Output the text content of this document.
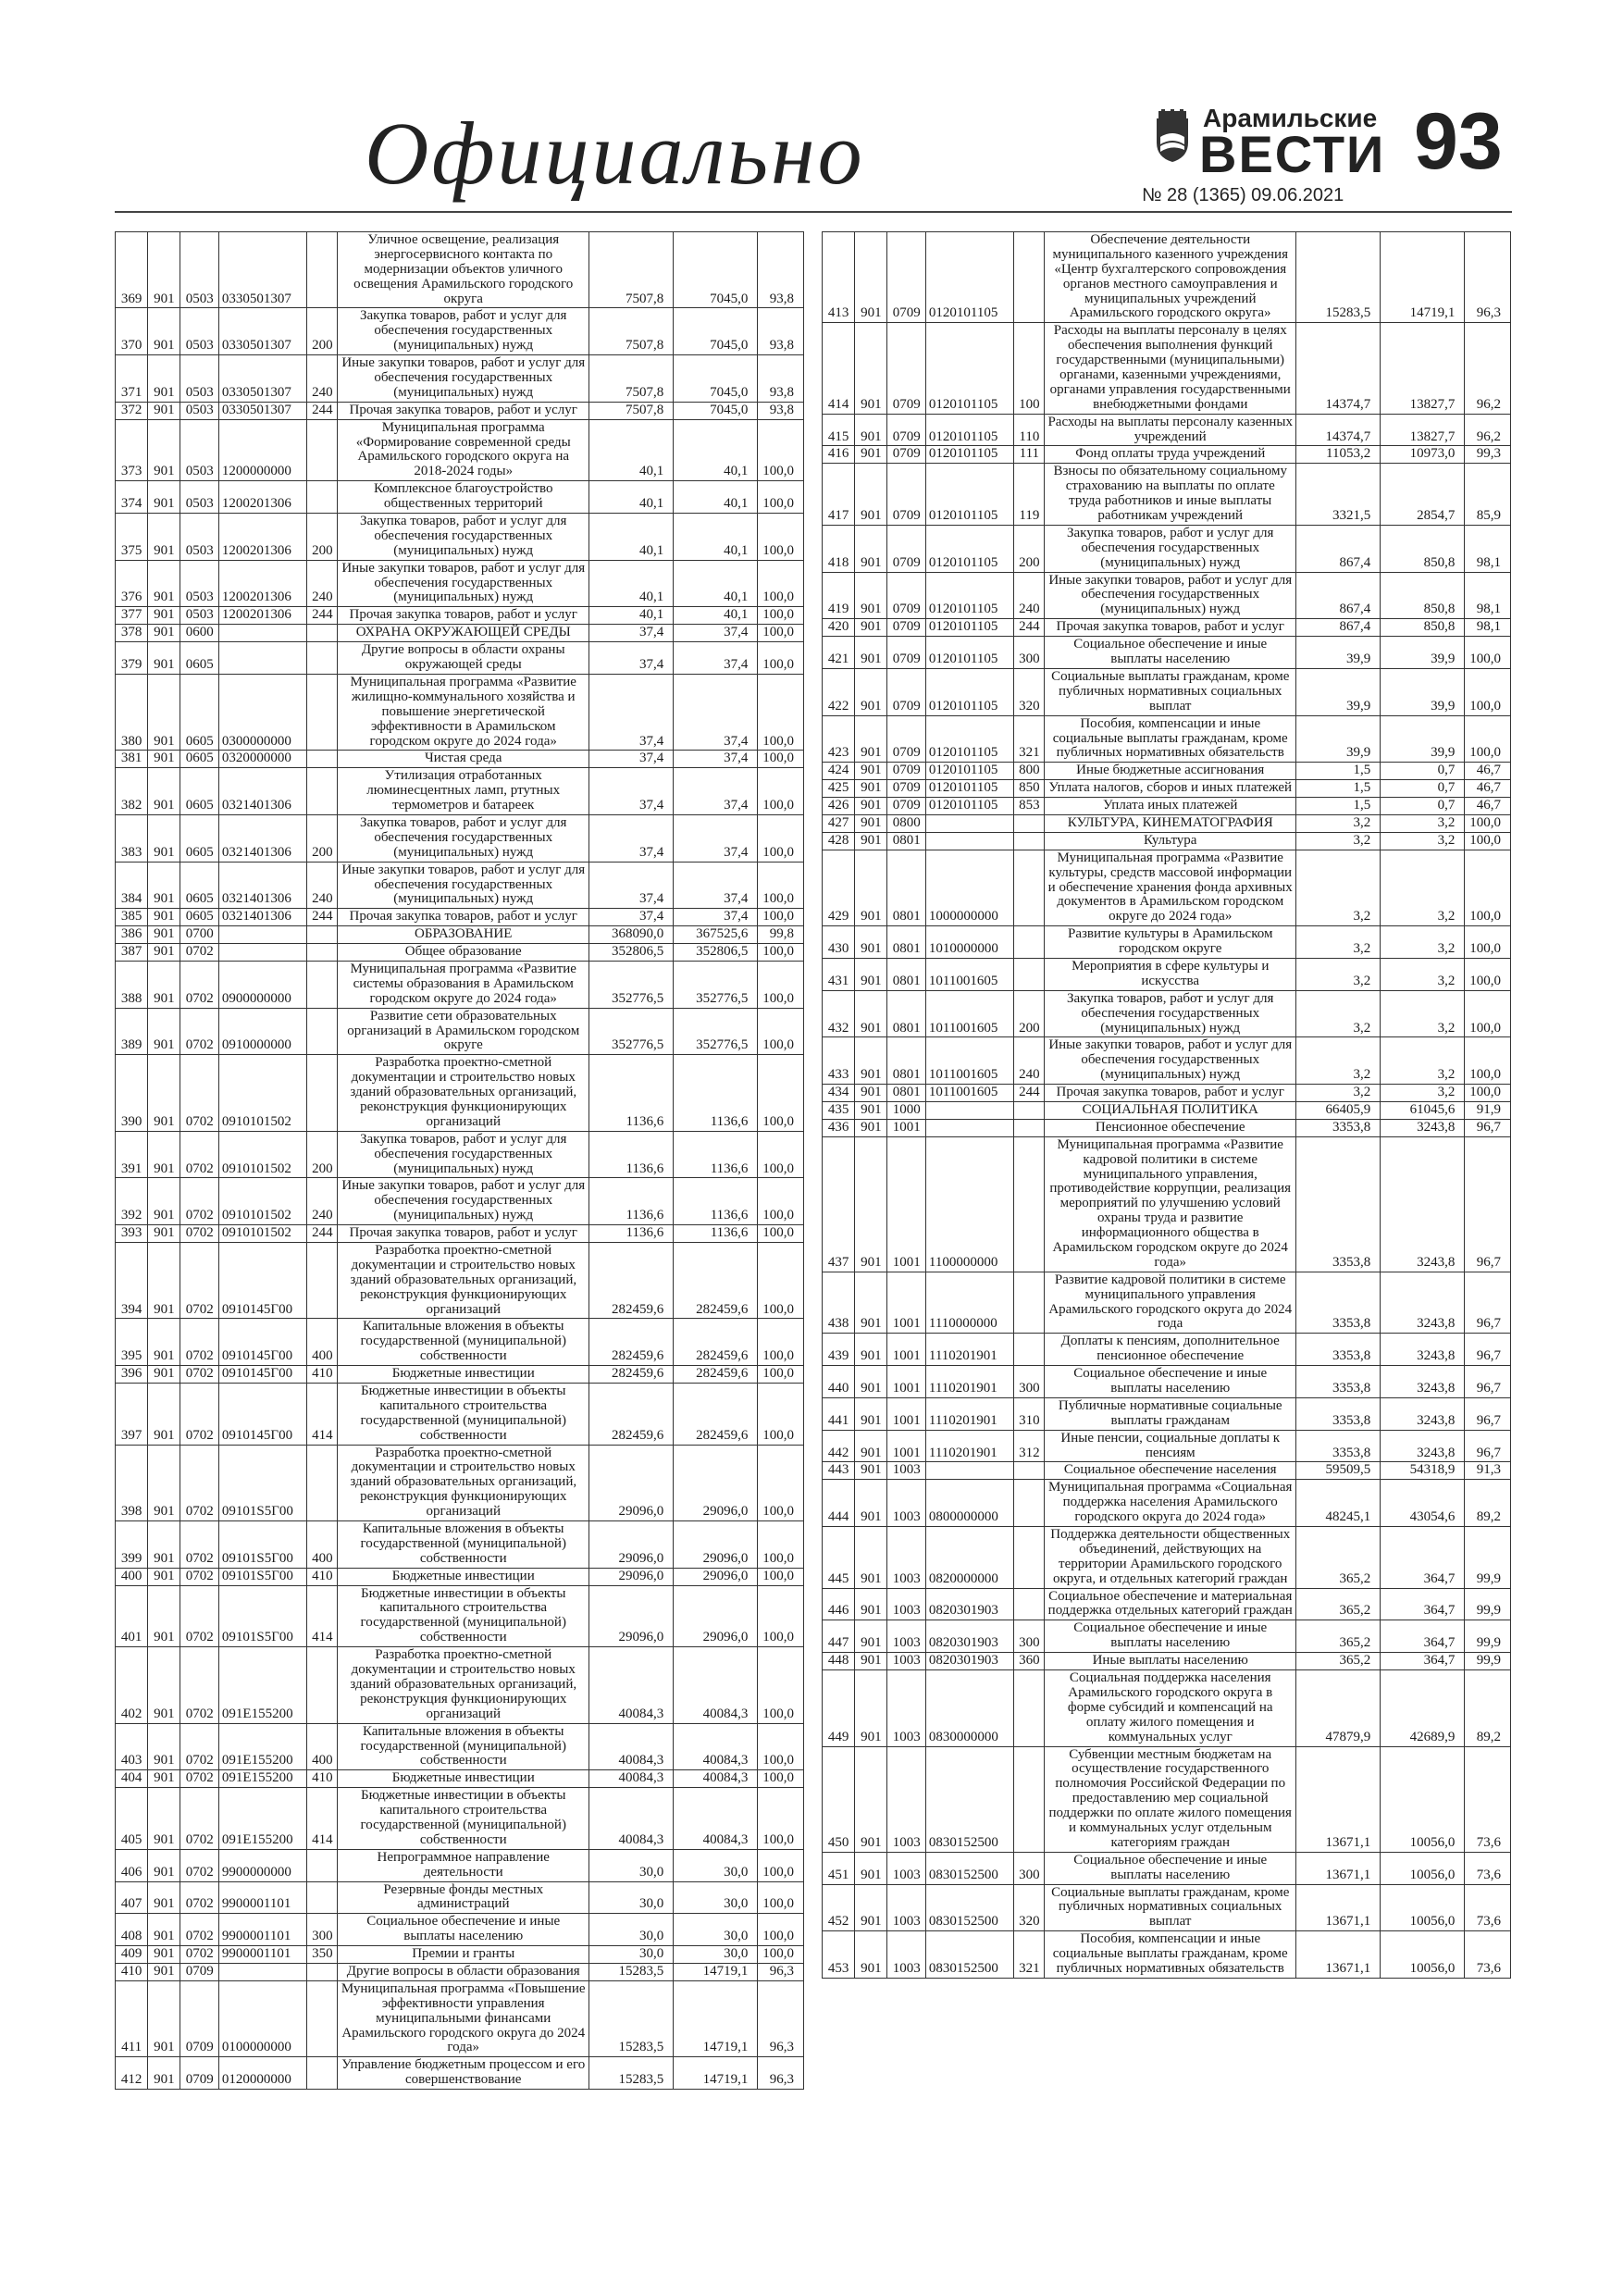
Официально	Арамильские
ВЕСТИ
№ 28 (1365) 09.06.2021
93
369	901	0503	0330501307		Уличное освещение, реализация энергосервисного контакта по модернизации объектов уличного освещения Арамильского городского округа	7507,8	7045,0	93,8
370	901	0503	0330501307	200	Закупка товаров, работ и услуг для обеспечения государственных (муниципальных) нужд	7507,8	7045,0	93,8
371	901	0503	0330501307	240	Иные закупки товаров, работ и услуг для обеспечения государственных (муниципальных) нужд	7507,8	7045,0	93,8
372	901	0503	0330501307	244	Прочая закупка товаров, работ и услуг	7507,8	7045,0	93,8
373	901	0503	1200000000		Муниципальная программа «Формирование современной среды Арамильского городского округа на 2018-2024 годы»	40,1	40,1	100,0
374	901	0503	1200201306		Комплексное благоустройство общественных территорий	40,1	40,1	100,0
375	901	0503	1200201306	200	Закупка товаров, работ и услуг для обеспечения государственных (муниципальных) нужд	40,1	40,1	100,0
376	901	0503	1200201306	240	Иные закупки товаров, работ и услуг для обеспечения государственных (муниципальных) нужд	40,1	40,1	100,0
377	901	0503	1200201306	244	Прочая закупка товаров, работ и услуг	40,1	40,1	100,0
378	901	0600			ОХРАНА ОКРУЖАЮЩЕЙ СРЕДЫ	37,4	37,4	100,0
379	901	0605			Другие вопросы в области охраны окружающей среды	37,4	37,4	100,0
380	901	0605	0300000000		Муниципальная программа «Развитие жилищно-коммунального хозяйства и повышение энергетической эффективности в Арамильском городском округе до 2024 года»	37,4	37,4	100,0
381	901	0605	0320000000		Чистая среда	37,4	37,4	100,0
382	901	0605	0321401306		Утилизация отработанных люминесцентных ламп, ртутных термометров и батареек	37,4	37,4	100,0
383	901	0605	0321401306	200	Закупка товаров, работ и услуг для обеспечения государственных (муниципальных) нужд	37,4	37,4	100,0
384	901	0605	0321401306	240	Иные закупки товаров, работ и услуг для обеспечения государственных (муниципальных) нужд	37,4	37,4	100,0
385	901	0605	0321401306	244	Прочая закупка товаров, работ и услуг	37,4	37,4	100,0
386	901	0700			ОБРАЗОВАНИЕ	368090,0	367525,6	99,8
387	901	0702			Общее образование	352806,5	352806,5	100,0
388	901	0702	0900000000		Муниципальная программа «Развитие системы образования в Арамильском городском округе до 2024 года»	352776,5	352776,5	100,0
389	901	0702	0910000000		Развитие сети образовательных организаций в Арамильском городском округе	352776,5	352776,5	100,0
390	901	0702	0910101502		Разработка проектно-сметной документации и строительство новых зданий образовательных организаций, реконструкция функционирующих организаций	1136,6	1136,6	100,0
391	901	0702	0910101502	200	Закупка товаров, работ и услуг для обеспечения государственных (муниципальных) нужд	1136,6	1136,6	100,0
392	901	0702	0910101502	240	Иные закупки товаров, работ и услуг для обеспечения государственных (муниципальных) нужд	1136,6	1136,6	100,0
393	901	0702	0910101502	244	Прочая закупка товаров, работ и услуг	1136,6	1136,6	100,0
394	901	0702	0910145Г00		Разработка проектно-сметной документации и строительство новых зданий образовательных организаций, реконструкция функционирующих организаций	282459,6	282459,6	100,0
395	901	0702	0910145Г00	400	Капитальные вложения в объекты государственной (муниципальной) собственности	282459,6	282459,6	100,0
396	901	0702	0910145Г00	410	Бюджетные инвестиции	282459,6	282459,6	100,0
397	901	0702	0910145Г00	414	Бюджетные инвестиции в объекты капитального строительства государственной (муниципальной) собственности	282459,6	282459,6	100,0
398	901	0702	09101S5Г00		Разработка проектно-сметной документации и строительство новых зданий образовательных организаций, реконструкция функционирующих организаций	29096,0	29096,0	100,0
399	901	0702	09101S5Г00	400	Капитальные вложения в объекты государственной (муниципальной) собственности	29096,0	29096,0	100,0
400	901	0702	09101S5Г00	410	Бюджетные инвестиции	29096,0	29096,0	100,0
401	901	0702	09101S5Г00	414	Бюджетные инвестиции в объекты капитального строительства государственной (муниципальной) собственности	29096,0	29096,0	100,0
402	901	0702	091E155200		Разработка проектно-сметной документации и строительство новых зданий образовательных организаций, реконструкция функционирующих организаций	40084,3	40084,3	100,0
403	901	0702	091E155200	400	Капитальные вложения в объекты государственной (муниципальной) собственности	40084,3	40084,3	100,0
404	901	0702	091E155200	410	Бюджетные инвестиции	40084,3	40084,3	100,0
405	901	0702	091E155200	414	Бюджетные инвестиции в объекты капитального строительства государственной (муниципальной) собственности	40084,3	40084,3	100,0
406	901	0702	9900000000		Непрограммное направление деятельности	30,0	30,0	100,0
407	901	0702	9900001101		Резервные фонды местных администраций	30,0	30,0	100,0
408	901	0702	9900001101	300	Социальное обеспечение и иные выплаты населению	30,0	30,0	100,0
409	901	0702	9900001101	350	Премии и гранты	30,0	30,0	100,0
410	901	0709			Другие вопросы в области образования	15283,5	14719,1	96,3
411	901	0709	0100000000		Муниципальная программа «Повышение эффективности управления муниципальными финансами Арамильского городского округа до 2024 года»	15283,5	14719,1	96,3
412	901	0709	0120000000		Управление бюджетным процессом и его совершенствование	15283,5	14719,1	96,3
413	901	0709	0120101105		Обеспечение деятельности муниципального казенного учреждения «Центр бухгалтерского сопровождения органов местного самоуправления и муниципальных учреждений Арамильского городского округа»	15283,5	14719,1	96,3
414	901	0709	0120101105	100	Расходы на выплаты персоналу в целях обеспечения выполнения функций государственными (муниципальными) органами, казенными учреждениями, органами управления государственными внебюджетными фондами	14374,7	13827,7	96,2
415	901	0709	0120101105	110	Расходы на выплаты персоналу казенных учреждений	14374,7	13827,7	96,2
416	901	0709	0120101105	111	Фонд оплаты труда учреждений	11053,2	10973,0	99,3
417	901	0709	0120101105	119	Взносы по обязательному социальному страхованию на выплаты по оплате труда работников и иные выплаты работникам учреждений	3321,5	2854,7	85,9
418	901	0709	0120101105	200	Закупка товаров, работ и услуг для обеспечения государственных (муниципальных) нужд	867,4	850,8	98,1
419	901	0709	0120101105	240	Иные закупки товаров, работ и услуг для обеспечения государственных (муниципальных) нужд	867,4	850,8	98,1
420	901	0709	0120101105	244	Прочая закупка товаров, работ и услуг	867,4	850,8	98,1
421	901	0709	0120101105	300	Социальное обеспечение и иные выплаты населению	39,9	39,9	100,0
422	901	0709	0120101105	320	Социальные выплаты гражданам, кроме публичных нормативных социальных выплат	39,9	39,9	100,0
423	901	0709	0120101105	321	Пособия, компенсации и иные социальные выплаты гражданам, кроме публичных нормативных обязательств	39,9	39,9	100,0
424	901	0709	0120101105	800	Иные бюджетные ассигнования	1,5	0,7	46,7
425	901	0709	0120101105	850	Уплата налогов, сборов и иных платежей	1,5	0,7	46,7
426	901	0709	0120101105	853	Уплата иных платежей	1,5	0,7	46,7
427	901	0800			КУЛЬТУРА, КИНЕМАТОГРАФИЯ	3,2	3,2	100,0
428	901	0801			Культура	3,2	3,2	100,0
429	901	0801	1000000000		Муниципальная программа «Развитие культуры, средств массовой информации и обеспечение хранения фонда архивных документов в Арамильском городском округе до 2024 года»	3,2	3,2	100,0
430	901	0801	1010000000		Развитие культуры в Арамильском городском округе	3,2	3,2	100,0
431	901	0801	1011001605		Мероприятия в сфере культуры и искусства	3,2	3,2	100,0
432	901	0801	1011001605	200	Закупка товаров, работ и услуг для обеспечения государственных (муниципальных) нужд	3,2	3,2	100,0
433	901	0801	1011001605	240	Иные закупки товаров, работ и услуг для обеспечения государственных (муниципальных) нужд	3,2	3,2	100,0
434	901	0801	1011001605	244	Прочая закупка товаров, работ и услуг	3,2	3,2	100,0
435	901	1000			СОЦИАЛЬНАЯ ПОЛИТИКА	66405,9	61045,6	91,9
436	901	1001			Пенсионное обеспечение	3353,8	3243,8	96,7
437	901	1001	1100000000		Муниципальная программа «Развитие кадровой политики в системе муниципального управления, противодействие коррупции, реализация мероприятий по улучшению условий охраны труда и развитие информационного общества в Арамильском городском округе до 2024 года»	3353,8	3243,8	96,7
438	901	1001	1110000000		Развитие кадровой политики в системе муниципального управления Арамильского городского округа до 2024 года	3353,8	3243,8	96,7
439	901	1001	1110201901		Доплаты к пенсиям, дополнительное пенсионное обеспечение	3353,8	3243,8	96,7
440	901	1001	1110201901	300	Социальное обеспечение и иные выплаты населению	3353,8	3243,8	96,7
441	901	1001	1110201901	310	Публичные нормативные социальные выплаты гражданам	3353,8	3243,8	96,7
442	901	1001	1110201901	312	Иные пенсии, социальные доплаты к пенсиям	3353,8	3243,8	96,7
443	901	1003			Социальное обеспечение населения	59509,5	54318,9	91,3
444	901	1003	0800000000		Муниципальная программа «Социальная поддержка населения Арамильского городского округа до 2024 года»	48245,1	43054,6	89,2
445	901	1003	0820000000		Поддержка деятельности общественных объединений, действующих на территории Арамильского городского округа, и отдельных категорий граждан	365,2	364,7	99,9
446	901	1003	0820301903		Социальное обеспечение и материальная поддержка отдельных категорий граждан	365,2	364,7	99,9
447	901	1003	0820301903	300	Социальное обеспечение и иные выплаты населению	365,2	364,7	99,9
448	901	1003	0820301903	360	Иные выплаты населению	365,2	364,7	99,9
449	901	1003	0830000000		Социальная поддержка населения Арамильского городского округа в форме субсидий и компенсаций на оплату жилого помещения и коммунальных услуг	47879,9	42689,9	89,2
450	901	1003	0830152500		Субвенции местным бюджетам на осуществление государственного полномочия Российской Федерации по предоставлению мер социальной поддержки по оплате жилого помещения и коммунальных услуг отдельным категориям граждан	13671,1	10056,0	73,6
451	901	1003	0830152500	300	Социальное обеспечение и иные выплаты населению	13671,1	10056,0	73,6
452	901	1003	0830152500	320	Социальные выплаты гражданам, кроме публичных нормативных социальных выплат	13671,1	10056,0	73,6
453	901	1003	0830152500	321	Пособия, компенсации и иные социальные выплаты гражданам, кроме публичных нормативных обязательств	13671,1	10056,0	73,6
